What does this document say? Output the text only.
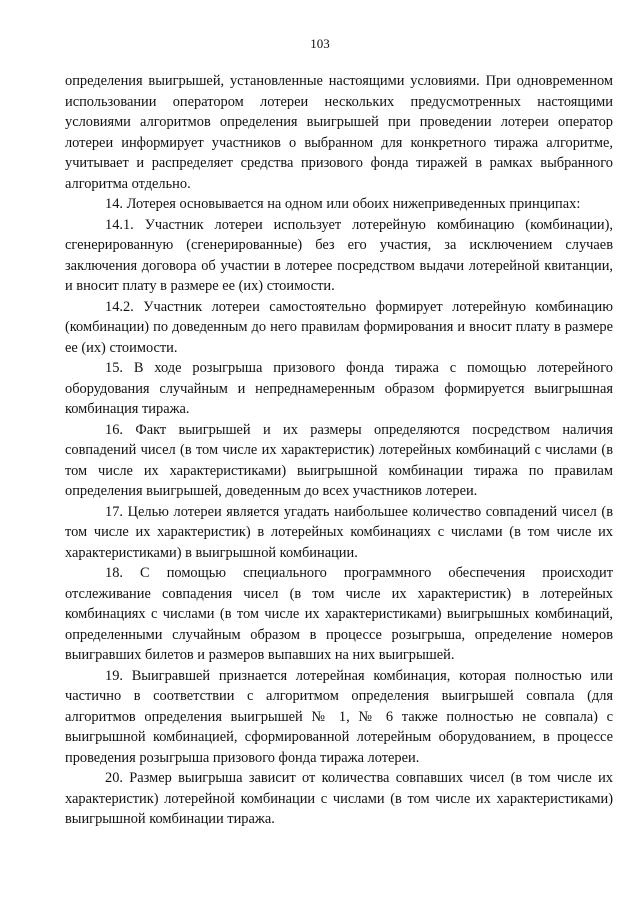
103

определения выигрышей, установленные настоящими условиями. При одновременном использовании оператором лотереи нескольких предусмотренных настоящими условиями алгоритмов определения выигрышей при проведении лотереи оператор лотереи информирует участников о выбранном для конкретного тиража алгоритме, учитывает и распределяет средства призового фонда тиражей в рамках выбранного алгоритма отдельно.

14. Лотерея основывается на одном или обоих нижеприведенных принципах:

14.1. Участник лотереи использует лотерейную комбинацию (комбинации), сгенерированную (сгенерированные) без его участия, за исключением случаев заключения договора об участии в лотерее посредством выдачи лотерейной квитанции, и вносит плату в размере ее (их) стоимости.

14.2. Участник лотереи самостоятельно формирует лотерейную комбинацию (комбинации) по доведенным до него правилам формирования и вносит плату в размере ее (их) стоимости.

15. В ходе розыгрыша призового фонда тиража с помощью лотерейного оборудования случайным и непреднамеренным образом формируется выигрышная комбинация тиража.

16. Факт выигрышей и их размеры определяются посредством наличия совпадений чисел (в том числе их характеристик) лотерейных комбинаций с числами (в том числе их характеристиками) выигрышной комбинации тиража по правилам определения выигрышей, доведенным до всех участников лотереи.

17. Целью лотереи является угадать наибольшее количество совпадений чисел (в том числе их характеристик) в лотерейных комбинациях с числами (в том числе их характеристиками) в выигрышной комбинации.

18. С помощью специального программного обеспечения происходит отслеживание совпадения чисел (в том числе их характеристик) в лотерейных комбинациях с числами (в том числе их характеристиками) выигрышных комбинаций, определенными случайным образом в процессе розыгрыша, определение номеров выигравших билетов и размеров выпавших на них выигрышей.

19. Выигравшей признается лотерейная комбинация, которая полностью или частично в соответствии с алгоритмом определения выигрышей совпала (для алгоритмов определения выигрышей № 1, № 6 также полностью не совпала) с выигрышной комбинацией, сформированной лотерейным оборудованием, в процессе проведения розыгрыша призового фонда тиража лотереи.

20. Размер выигрыша зависит от количества совпавших чисел (в том числе их характеристик) лотерейной комбинации с числами (в том числе их характеристиками) выигрышной комбинации тиража.
